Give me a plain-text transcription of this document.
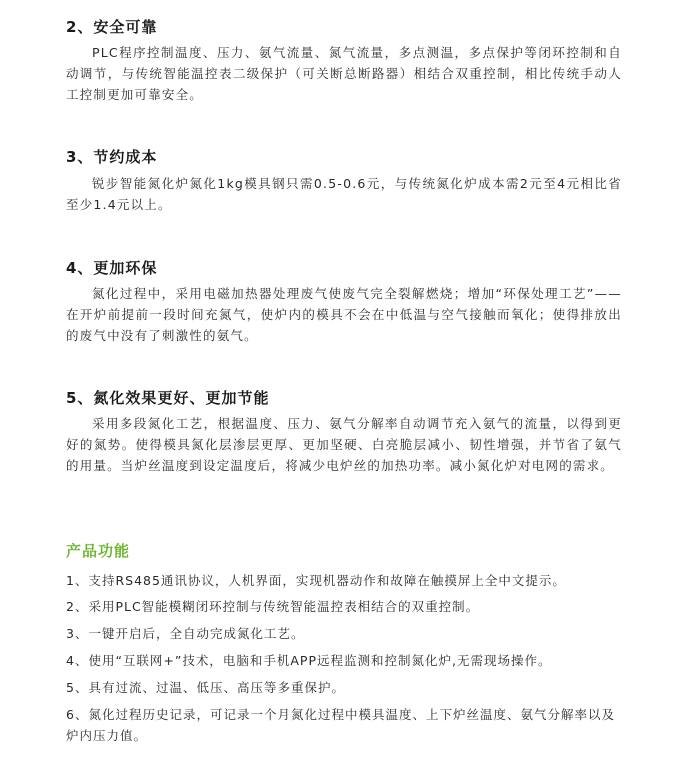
2、安全可靠
PLC程序控制温度、压力、氨气流量、氮气流量，多点测温，多点保护等闭环控制和自动调节，与传统智能温控表二级保护（可关断总断路器）相结合双重控制，相比传统手动人工控制更加可靠安全。
3、节约成本
锐步智能氮化炉氮化1kg模具钢只需0.5-0.6元，与传统氮化炉成本需2元至4元相比省至少1.4元以上。
4、更加环保
氮化过程中，采用电磁加热器处理废气使废气完全裂解燃烧；增加“环保处理工艺”——在开炉前提前一段时间充氮气，使炉内的模具不会在中低温与空气接触而氧化；使得排放出的废气中没有了刺激性的氨气。
5、氮化效果更好、更加节能
采用多段氮化工艺，根据温度、压力、氨气分解率自动调节充入氨气的流量，以得到更好的氮势。使得模具氮化层渗层更厚、更加坚硬、白亮脆层减小、韧性增强，并节省了氨气的用量。当炉丝温度到设定温度后，将减少电炉丝的加热功率。减小氮化炉对电网的需求。
产品功能
1、支持RS485通讯协议，人机界面，实现机器动作和故障在触摸屏上全中文提示。
2、采用PLC智能模糊闭环控制与传统智能温控表相结合的双重控制。
3、一键开启后，全自动完成氮化工艺。
4、使用“互联网+”技术，电脑和手机APP远程监测和控制氮化炉,无需现场操作。
5、具有过流、过温、低压、高压等多重保护。
6、氮化过程历史记录，可记录一个月氮化过程中模具温度、上下炉丝温度、氨气分解率以及炉内压力值。
